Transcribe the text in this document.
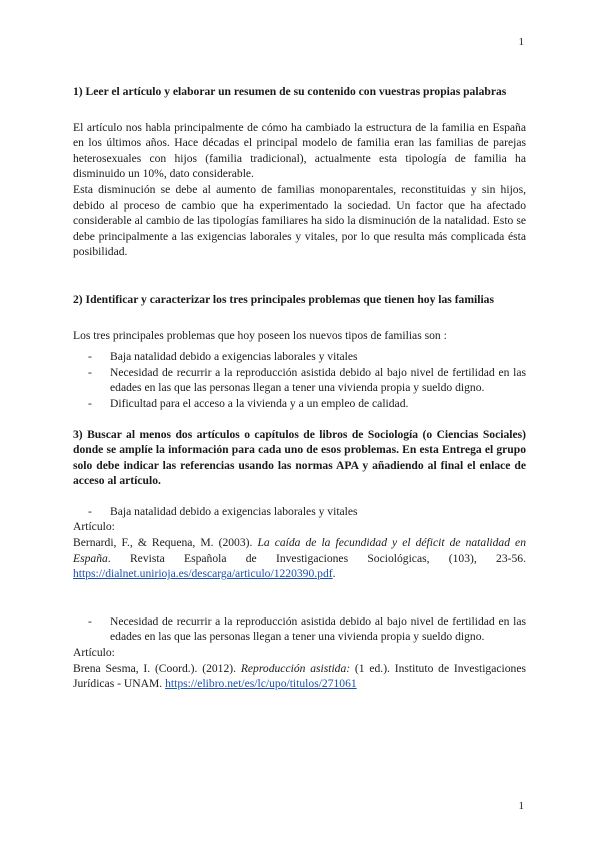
1

1) Leer el artículo y elaborar un resumen de su contenido con vuestras propias palabras

El artículo nos habla principalmente de cómo ha cambiado la estructura de la familia en España en los últimos años. Hace décadas el principal modelo de familia eran las familias de parejas heterosexuales con hijos (familia tradicional), actualmente esta tipología de familia ha disminuido un 10%, dato considerable.

Esta disminución se debe al aumento de familias monoparentales, reconstituidas y sin hijos, debido al proceso de cambio que ha experimentado la sociedad. Un factor que ha afectado considerable al cambio de las tipologías familiares ha sido la disminución de la natalidad. Esto se debe principalmente a las exigencias laborales y vitales, por lo que resulta más complicada ésta posibilidad.

2) Identificar y caracterizar los tres principales problemas que tienen hoy las familias

Los tres principales problemas que hoy poseen los nuevos tipos de familias son :

- Baja natalidad debido a exigencias laborales y vitales
- Necesidad de recurrir a la reproducción asistida debido al bajo nivel de fertilidad en las edades en las que las personas llegan a tener una vivienda propia y sueldo digno.
- Dificultad para el acceso a la vivienda y a un empleo de calidad.

3) Buscar al menos dos artículos o capítulos de libros de Sociología (o Ciencias Sociales) donde se amplíe la información para cada uno de esos problemas. En esta Entrega el grupo solo debe indicar las referencias usando las normas APA y añadiendo al final el enlace de acceso al artículo.

- Baja natalidad debido a exigencias laborales y vitales

Artículo:

Bernardi, F., & Requena, M. (2003). La caída de la fecundidad y el déficit de natalidad en España. Revista Española de Investigaciones Sociológicas, (103), 23-56. https://dialnet.unirioja.es/descarga/articulo/1220390.pdf.

- Necesidad de recurrir a la reproducción asistida debido al bajo nivel de fertilidad en las edades en las que las personas llegan a tener una vivienda propia y sueldo digno.

Artículo:

Brena Sesma, I. (Coord.). (2012). Reproducción asistida: (1 ed.). Instituto de Investigaciones Jurídicas - UNAM. https://elibro.net/es/lc/upo/titulos/271061

1
